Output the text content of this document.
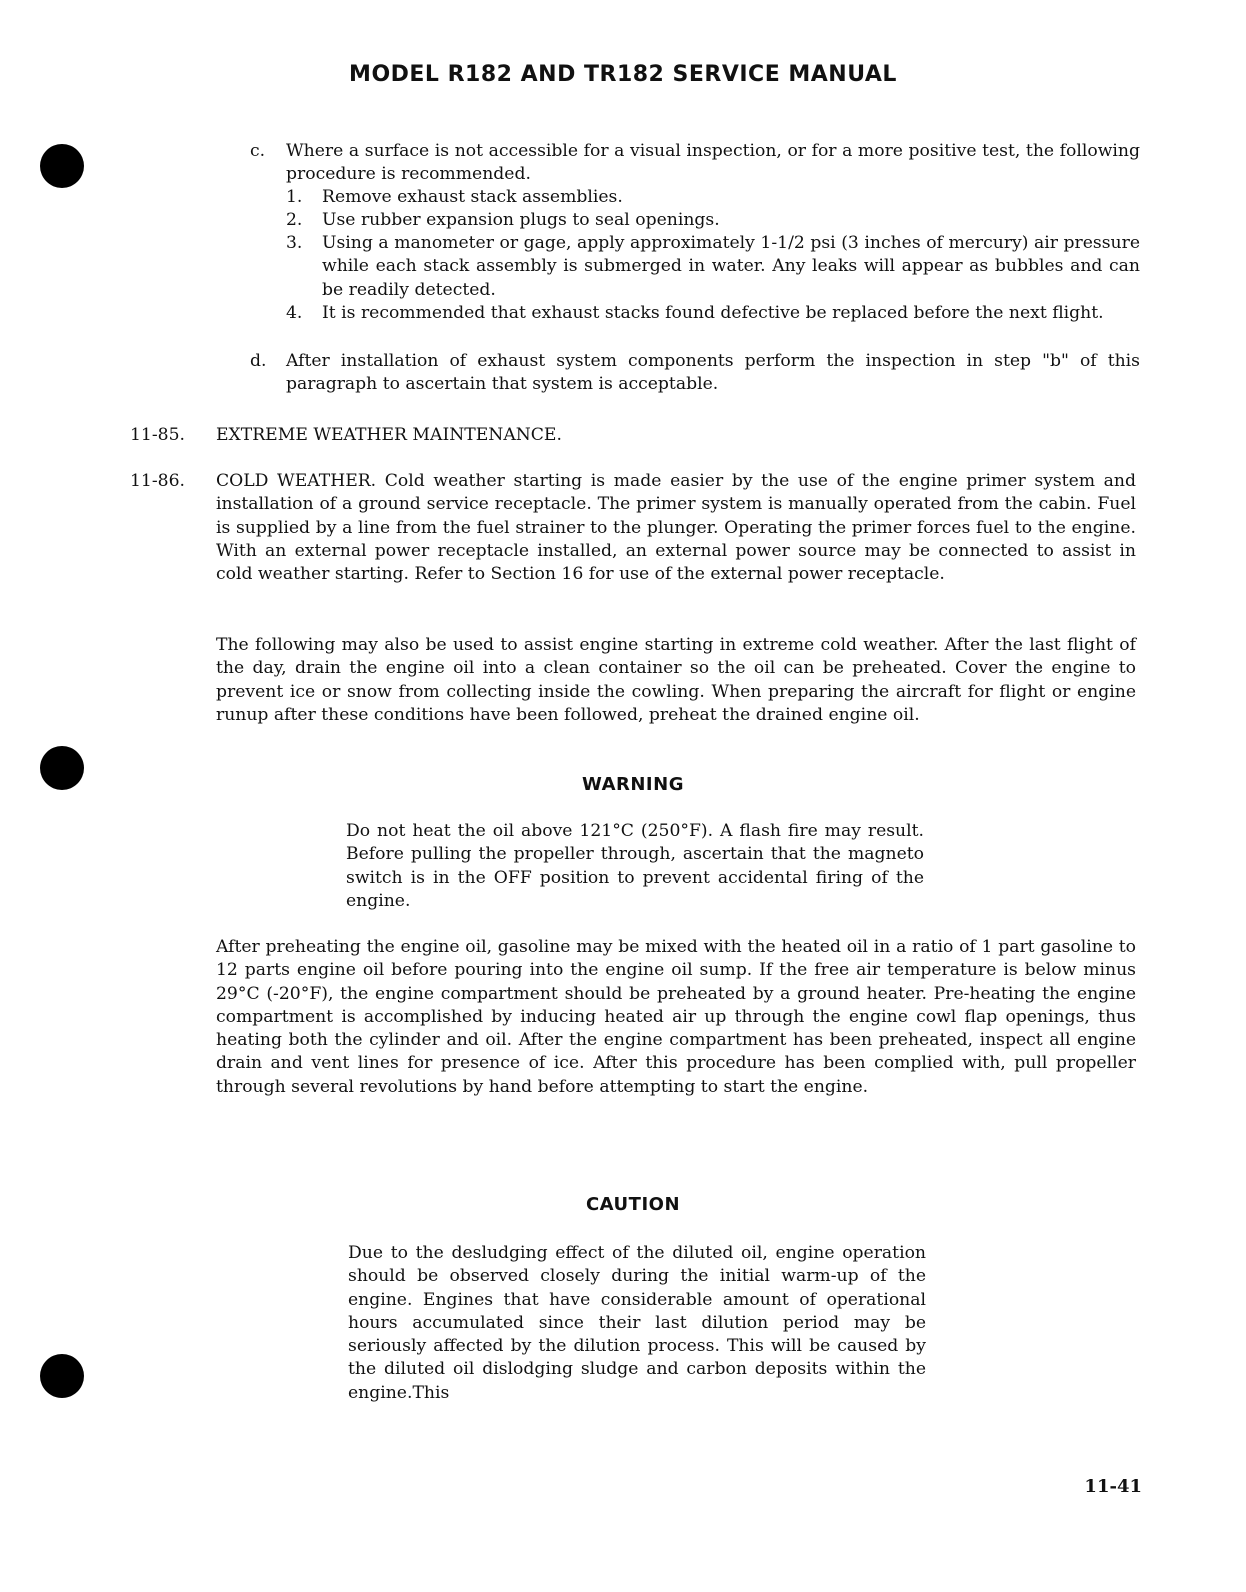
MODEL R182 AND TR182 SERVICE MANUAL
c. Where a surface is not accessible for a visual inspection, or for a more positive test, the following procedure is recommended.
1. Remove exhaust stack assemblies.
2. Use rubber expansion plugs to seal openings.
3. Using a manometer or gage, apply approximately 1-1/2 psi (3 inches of mercury) air pressure while each stack assembly is submerged in water. Any leaks will appear as bubbles and can be readily detected.
4. It is recommended that exhaust stacks found defective be replaced before the next flight.
d. After installation of exhaust system components perform the inspection in step "b" of this paragraph to ascertain that system is acceptable.
11-85. EXTREME WEATHER MAINTENANCE.
11-86. COLD WEATHER. Cold weather starting is made easier by the use of the engine primer system and installation of a ground service receptacle. The primer system is manually operated from the cabin. Fuel is supplied by a line from the fuel strainer to the plunger. Operating the primer forces fuel to the engine. With an external power receptacle installed, an external power source may be connected to assist in cold weather starting. Refer to Section 16 for use of the external power receptacle.
The following may also be used to assist engine starting in extreme cold weather. After the last flight of the day, drain the engine oil into a clean container so the oil can be preheated. Cover the engine to prevent ice or snow from collecting inside the cowling. When preparing the aircraft for flight or engine runup after these conditions have been followed, preheat the drained engine oil.
WARNING
Do not heat the oil above 121°C (250°F). A flash fire may result. Before pulling the propeller through, ascertain that the magneto switch is in the OFF position to prevent accidental firing of the engine.
After preheating the engine oil, gasoline may be mixed with the heated oil in a ratio of 1 part gasoline to 12 parts engine oil before pouring into the engine oil sump. If the free air temperature is below minus 29°C (-20°F), the engine compartment should be preheated by a ground heater. Pre-heating the engine compartment is accomplished by inducing heated air up through the engine cowl flap openings, thus heating both the cylinder and oil. After the engine compartment has been preheated, inspect all engine drain and vent lines for presence of ice. After this procedure has been complied with, pull propeller through several revolutions by hand before attempting to start the engine.
CAUTION
Due to the desludging effect of the diluted oil, engine operation should be observed closely during the initial warm-up of the engine. Engines that have considerable amount of operational hours accumulated since their last dilution period may be seriously affected by the dilution process. This will be caused by the diluted oil dislodging sludge and carbon deposits within the engine.This
11-41
